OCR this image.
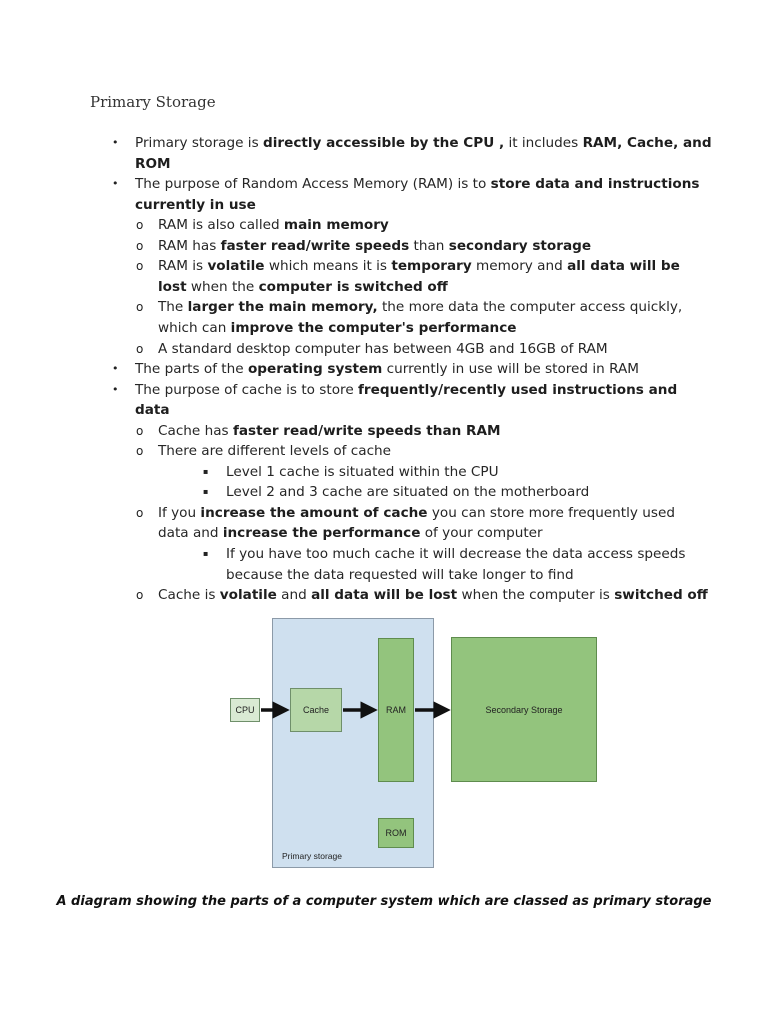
Primary Storage
• Primary storage is directly accessible by the CPU , it includes RAM, Cache, and
ROM
• The purpose of Random Access Memory (RAM) is to store data and instructions
currently in use
o RAM is also called main memory
o RAM has faster read/write speeds than secondary storage
o RAM is volatile which means it is temporary memory and all data will be
lost when the computer is switched off
o The larger the main memory, the more data the computer access quickly,
which can improve the computer's performance
o A standard desktop computer has between 4GB and 16GB of RAM
• The parts of the operating system currently in use will be stored in RAM
• The purpose of cache is to store frequently/recently used instructions and
data
o Cache has faster read/write speeds than RAM
o There are different levels of cache
▪ Level 1 cache is situated within the CPU
▪ Level 2 and 3 cache are situated on the motherboard
o If you increase the amount of cache you can store more frequently used
data and increase the performance of your computer
▪ If you have too much cache it will decrease the data access speeds
because the data requested will take longer to find
o Cache is volatile and all data will be lost when the computer is switched off
Primary storage
CPU	Cache	RAM
ROM
Secondary Storage
A diagram showing the parts of a computer system which are classed as primary storage
